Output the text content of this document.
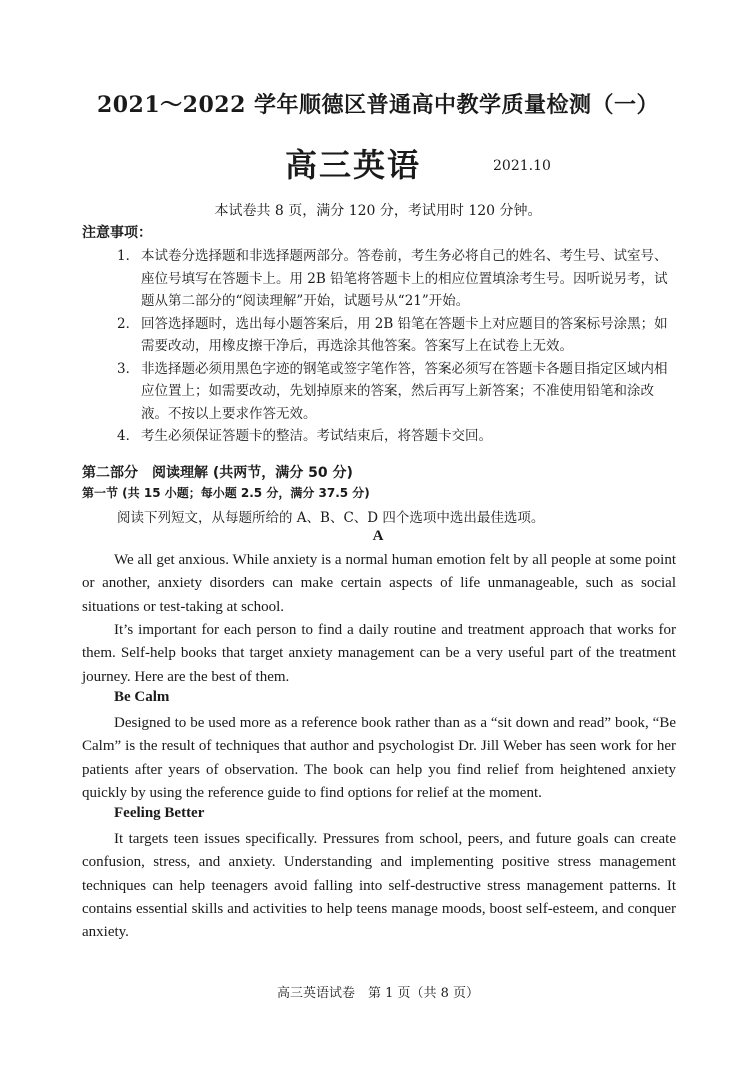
2021～2022 学年顺德区普通高中教学质量检测（一）
高三英语	2021.10
本试卷共 8 页，满分 120 分，考试用时 120 分钟。
注意事项：
1． 本试卷分选择题和非选择题两部分。答卷前，考生务必将自己的姓名、考生号、试室号、座位号填写在答题卡上。用 2B 铅笔将答题卡上的相应位置填涂考生号。因听说另考，试题从第二部分的“阅读理解”开始，试题号从“21”开始。
2． 回答选择题时，选出每小题答案后，用 2B 铅笔在答题卡上对应题目的答案标号涂黑；如需要改动，用橡皮擦干净后，再选涂其他答案。答案写上在试卷上无效。
3． 非选择题必须用黑色字迹的钢笔或签字笔作答，答案必须写在答题卡各题目指定区域内相应位置上；如需要改动，先划掉原来的答案，然后再写上新答案；不准使用铅笔和涂改液。不按以上要求作答无效。
4． 考生必须保证答题卡的整洁。考试结束后，将答题卡交回。
第二部分　阅读理解 (共两节，满分 50 分)
第一节 (共 15 小题；每小题 2.5 分，满分 37.5 分)
阅读下列短文，从每题所给的 A、B、C、D 四个选项中选出最佳选项。
A
We all get anxious. While anxiety is a normal human emotion felt by all people at some point or another, anxiety disorders can make certain aspects of life unmanageable, such as social situations or test-taking at school.
It’s important for each person to find a daily routine and treatment approach that works for them. Self-help books that target anxiety management can be a very useful part of the treatment journey. Here are the best of them.
Be Calm
Designed to be used more as a reference book rather than as a “sit down and read” book, “Be Calm” is the result of techniques that author and psychologist Dr. Jill Weber has seen work for her patients after years of observation. The book can help you find relief from heightened anxiety quickly by using the reference guide to find options for relief at the moment.
Feeling Better
It targets teen issues specifically. Pressures from school, peers, and future goals can create confusion, stress, and anxiety. Understanding and implementing positive stress management techniques can help teenagers avoid falling into self-destructive stress management patterns. It contains essential skills and activities to help teens manage moods, boost self-esteem, and conquer anxiety.
高三英语试卷　第 1 页（共 8 页）
